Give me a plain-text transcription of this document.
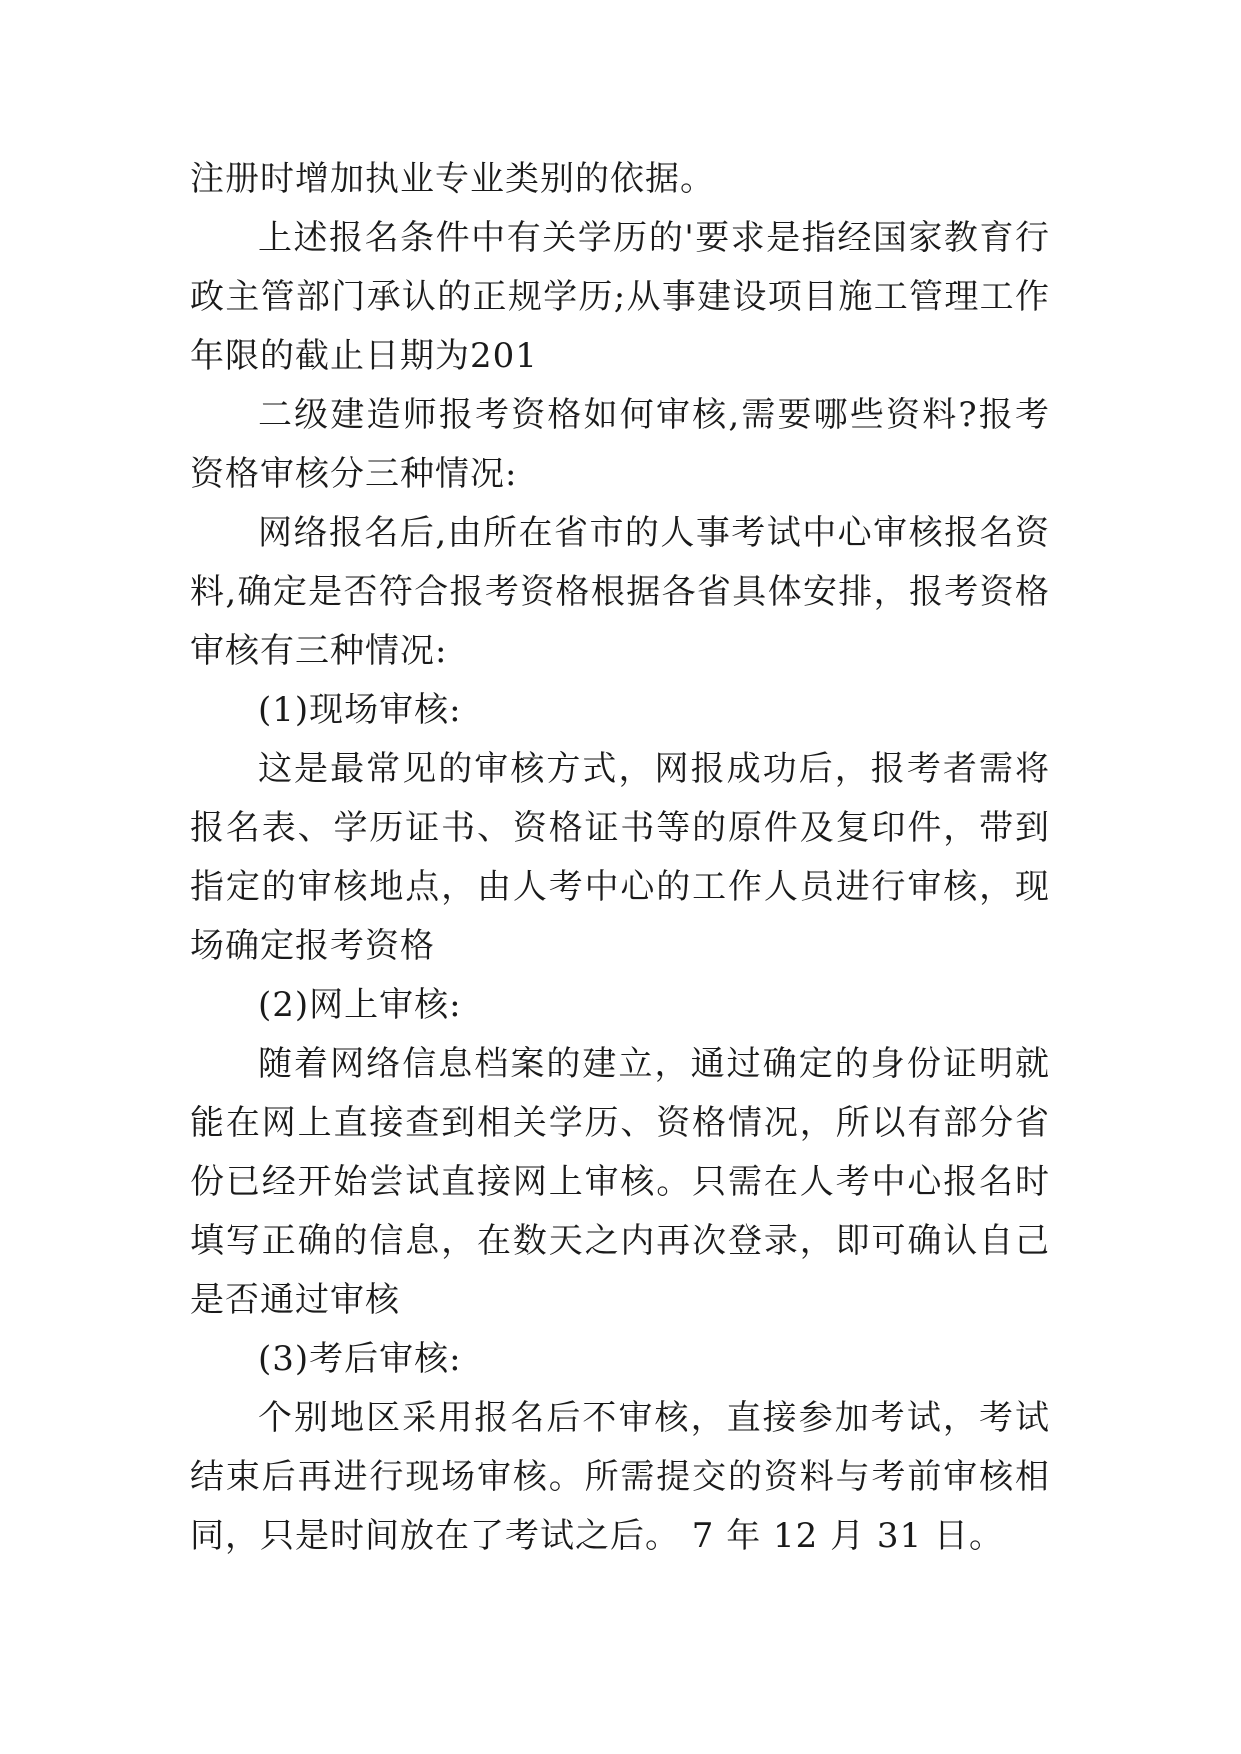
注册时增加执业专业类别的依据。

上述报名条件中有关学历的'要求是指经国家教育行政主管部门承认的正规学历;从事建设项目施工管理工作年限的截止日期为201

二级建造师报考资格如何审核,需要哪些资料?报考资格审核分三种情况:

网络报名后,由所在省市的人事考试中心审核报名资料,确定是否符合报考资格根据各省具体安排，报考资格审核有三种情况:

(1)现场审核:

这是最常见的审核方式，网报成功后，报考者需将报名表、学历证书、资格证书等的原件及复印件，带到指定的审核地点，由人考中心的工作人员进行审核，现场确定报考资格

(2)网上审核:

随着网络信息档案的建立，通过确定的身份证明就能在网上直接查到相关学历、资格情况，所以有部分省份已经开始尝试直接网上审核。只需在人考中心报名时填写正确的信息，在数天之内再次登录，即可确认自己是否通过审核

(3)考后审核:

个别地区采用报名后不审核，直接参加考试，考试结束后再进行现场审核。所需提交的资料与考前审核相同，只是时间放在了考试之后。 7 年 12 月 31 日。
